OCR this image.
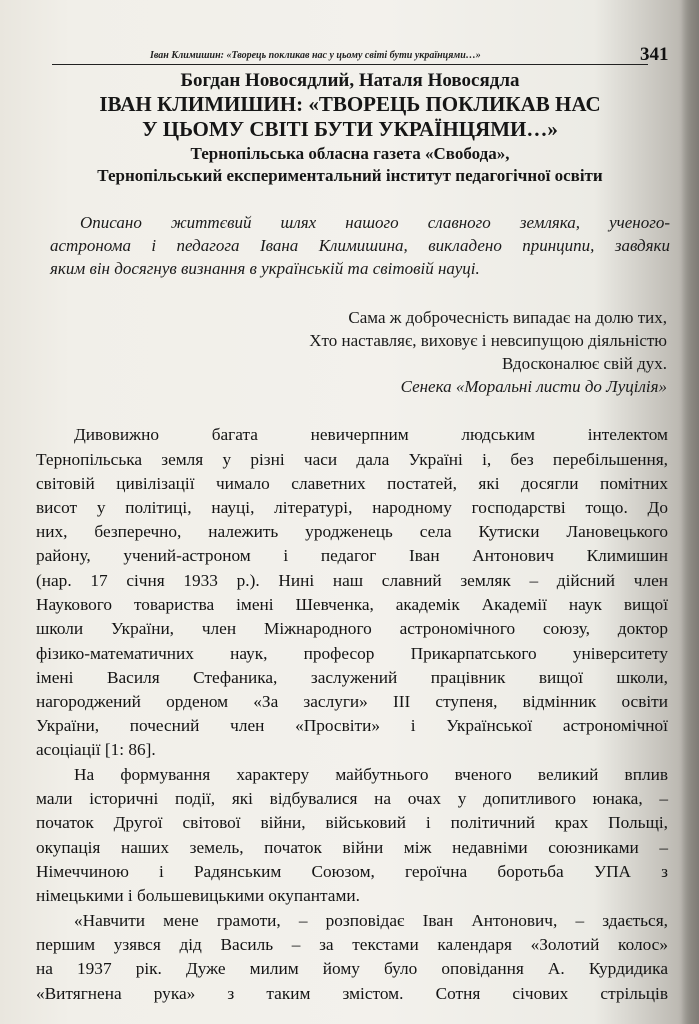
Іван Климишин: «Творець покликав нас у цьому світі бути українцями…»	341
Богдан Новосядлий, Наталя Новосядла
ІВАН КЛИМИШИН: «ТВОРЕЦЬ ПОКЛИКАВ НАС
У ЦЬОМУ СВІТІ БУТИ УКРАЇНЦЯМИ…»
Тернопільська обласна газета «Свобода»,
Тернопільський експериментальний інститут педагогічної освіти
Описано життєвий шлях нашого славного земляка, ученого-
астронома і педагога Івана Климишина, викладено принципи, завдяки
яким він досягнув визнання в українській та світовій науці.
Сама ж доброчесність випадає на долю тих,
Хто наставляє, виховує і невсипущою діяльністю
Вдосконалює свій дух.
Сенека «Моральні листи до Луцілія»
Дивовижно багата невичерпним людським інтелектом
Тернопільська земля у різні часи дала Україні і, без перебільшення,
світовій цивілізації чимало славетних постатей, які досягли помітних
висот у політиці, науці, літературі, народному господарстві тощо. До
них, безперечно, належить уродженець села Кутиски Лановецького
району, учений-астроном і педагог Іван Антонович Климишин
(нар. 17 січня 1933 р.). Нині наш славний земляк – дійсний член
Наукового товариства імені Шевченка, академік Академії наук вищої
школи України, член Міжнародного астрономічного союзу, доктор
фізико-математичних наук, професор Прикарпатського університету
імені Василя Стефаника, заслужений працівник вищої школи,
нагороджений орденом «За заслуги» III ступеня, відмінник освіти
України, почесний член «Просвіти» і Української астрономічної
асоціації [1: 86].
На формування характеру майбутнього вченого великий вплив
мали історичні події, які відбувалися на очах у допитливого юнака, –
початок Другої світової війни, військовий і політичний крах Польщі,
окупація наших земель, початок війни між недавніми союзниками –
Німеччиною і Радянським Союзом, героїчна боротьба УПА з
німецькими і большевицькими окупантами.
«Навчити мене грамоти, – розповідає Іван Антонович, – здається,
першим узявся дід Василь – за текстами календаря «Золотий колос»
на 1937 рік. Дуже милим йому було оповідання А. Курдидика
«Витягнена рука» з таким змістом. Сотня січових стрільців
